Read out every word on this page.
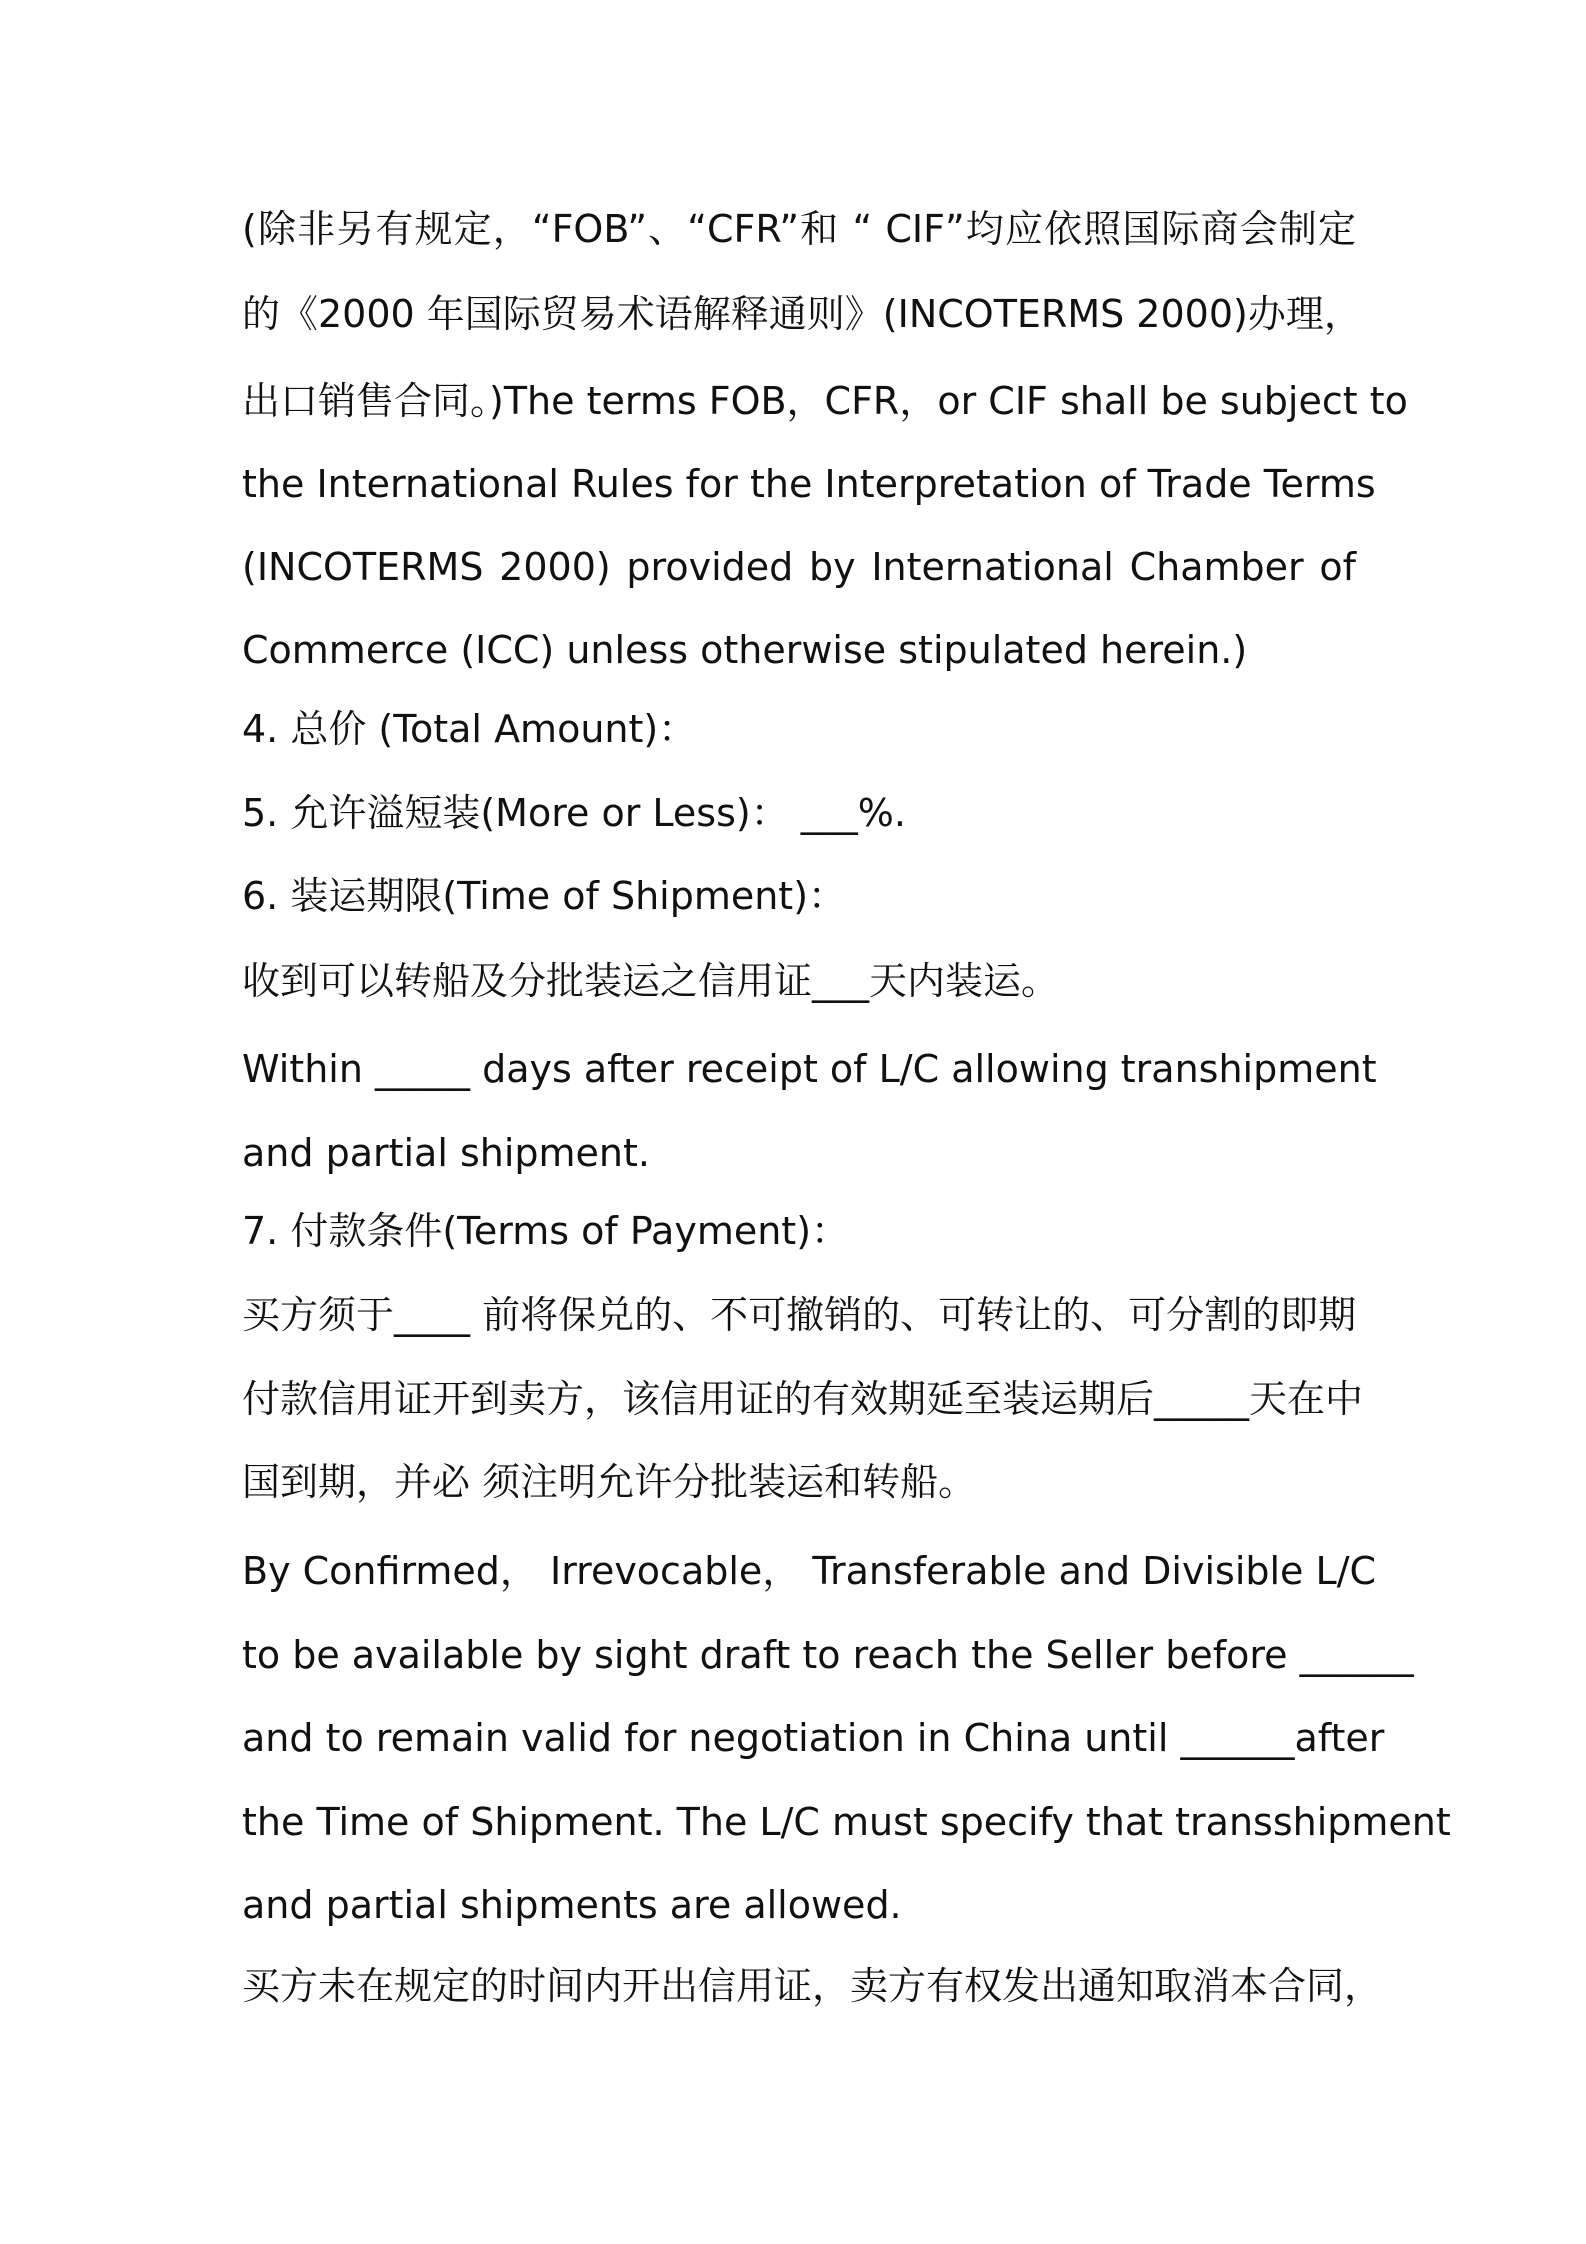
(除非另有规定，“FOB”、“CFR”和 “ CIF”均应依照国际商会制定
的《2000 年国际贸易术语解释通则》(INCOTERMS 2000)办理，
出口销售合同。)The terms FOB，CFR，or CIF shall be subject to
the International Rules for the Interpretation of Trade Terms
(INCOTERMS 2000) provided by International Chamber of
Commerce (ICC) unless otherwise stipulated herein.)
4. 总价 (Total Amount)：
5. 允许溢短装(More or Less)： ___%.
6. 装运期限(Time of Shipment)：
收到可以转船及分批装运之信用证___天内装运。
Within _____ days after receipt of L/C allowing transhipment
and partial shipment.
7. 付款条件(Terms of Payment)：
买方须于____ 前将保兑的、不可撤销的、可转让的、可分割的即期
付款信用证开到卖方，该信用证的有效期延至装运期后_____天在中
国到期，并必 须注明允许分批装运和转船。
By Confirmed， Irrevocable， Transferable and Divisible L/C
to be available by sight draft to reach the Seller before ______
and to remain valid for negotiation in China until ______after
the Time of Shipment. The L/C must specify that transshipment
and partial shipments are allowed.
买方未在规定的时间内开出信用证，卖方有权发出通知取消本合同，
